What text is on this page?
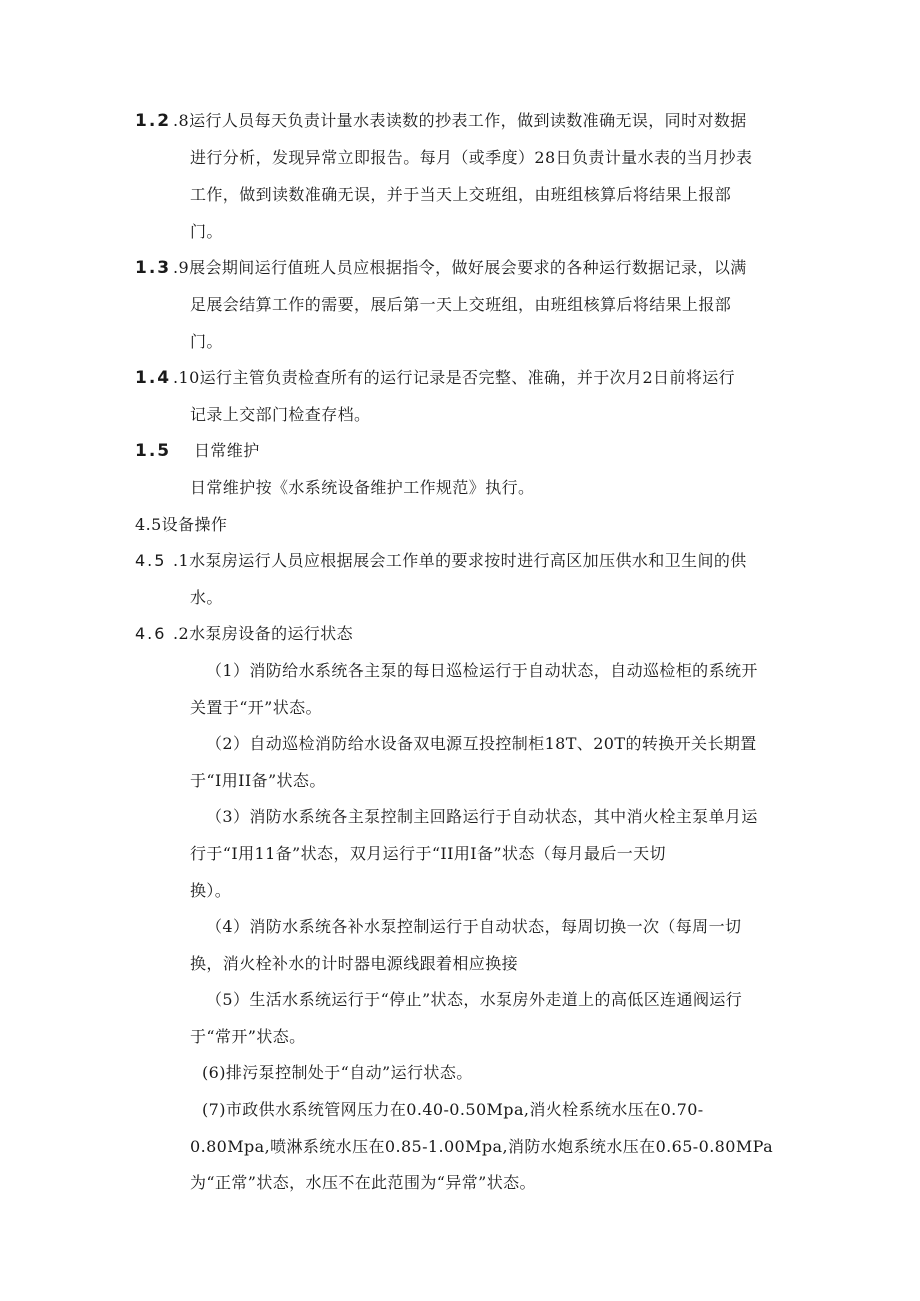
1.2 .8运行人员每天负责计量水表读数的抄表工作，做到读数准确无误，同时对数据
进行分析，发现异常立即报告。每月（或季度）28日负责计量水表的当月抄表
工作，做到读数准确无误，并于当天上交班组，由班组核算后将结果上报部
门。
1.3 .9展会期间运行值班人员应根据指令，做好展会要求的各种运行数据记录，以满
足展会结算工作的需要，展后第一天上交班组，由班组核算后将结果上报部
门。
1.4 .10运行主管负责检查所有的运行记录是否完整、准确，并于次月2日前将运行
记录上交部门检查存档。
1.5 日常维护
日常维护按《水系统设备维护工作规范》执行。
4.5设备操作
4.5 .1水泵房运行人员应根据展会工作单的要求按时进行高区加压供水和卫生间的供
水。
4.6 .2水泵房设备的运行状态
（1）消防给水系统各主泵的每日巡检运行于自动状态，自动巡检柜的系统开
关置于“开”状态。
（2）自动巡检消防给水设备双电源互投控制柜18T、20T的转换开关长期置
于“I用II备”状态。
（3）消防水系统各主泵控制主回路运行于自动状态，其中消火栓主泵单月运
行于“I用11备”状态，双月运行于“II用I备”状态（每月最后一天切
换）。
（4）消防水系统各补水泵控制运行于自动状态，每周切换一次（每周一切
换，消火栓补水的计时器电源线跟着相应换接
（5）生活水系统运行于“停止”状态，水泵房外走道上的高低区连通阀运行
于“常开”状态。
(6)排污泵控制处于“自动”运行状态。
(7)市政供水系统管网压力在0.40-0.50Mpa,消火栓系统水压在0.70-
0.80Mpa,喷淋系统水压在0.85-1.00Mpa,消防水炮系统水压在0.65-0.80MPa
为“正常”状态，水压不在此范围为“异常”状态。
